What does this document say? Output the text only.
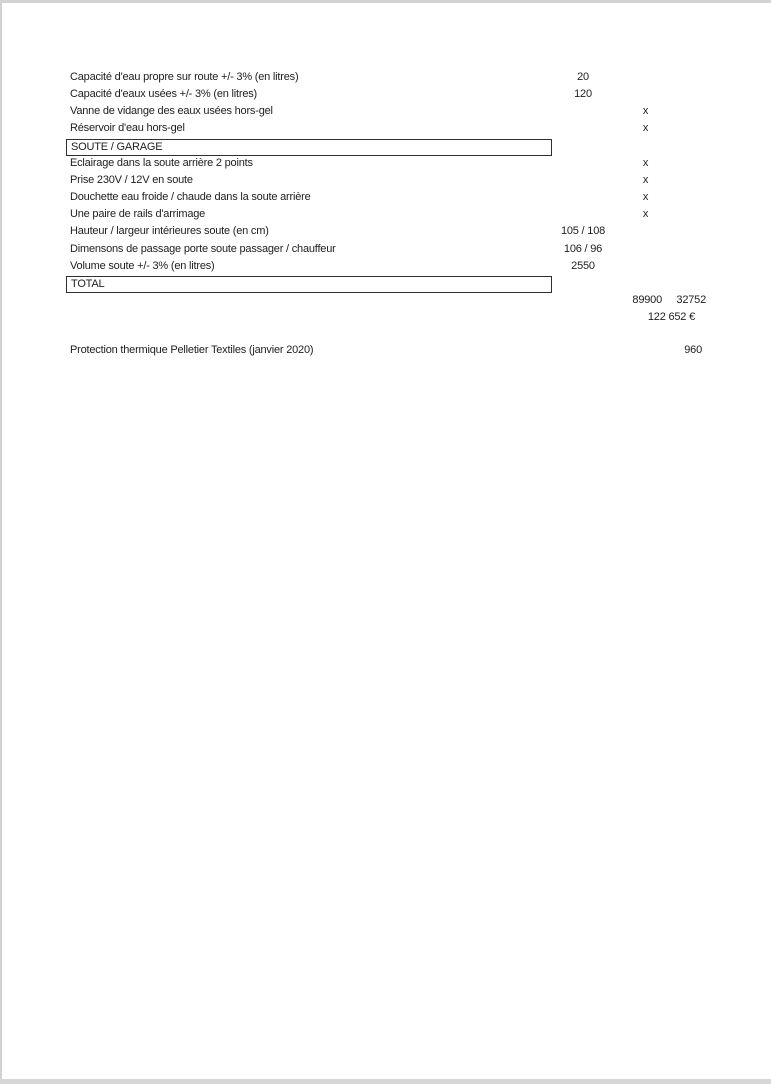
Capacité d'eau propre sur route +/- 3% (en litres)	20
Capacité d'eaux usées +/- 3% (en litres)	120
Vanne de vidange des eaux usées hors-gel	x
Réservoir d'eau hors-gel	x
SOUTE / GARAGE
Eclairage dans la soute arrière 2 points	x
Prise 230V / 12V en soute	x
Douchette eau froide / chaude dans la soute arrière	x
Une paire de rails d'arrimage	x
Hauteur / largeur intérieures soute (en cm)	105 / 108
Dimensons de passage porte soute passager / chauffeur	106 / 96
Volume soute +/- 3% (en litres)	2550
TOTAL
89900	32752
122 652 €
Protection thermique Pelletier Textiles (janvier 2020)	960
